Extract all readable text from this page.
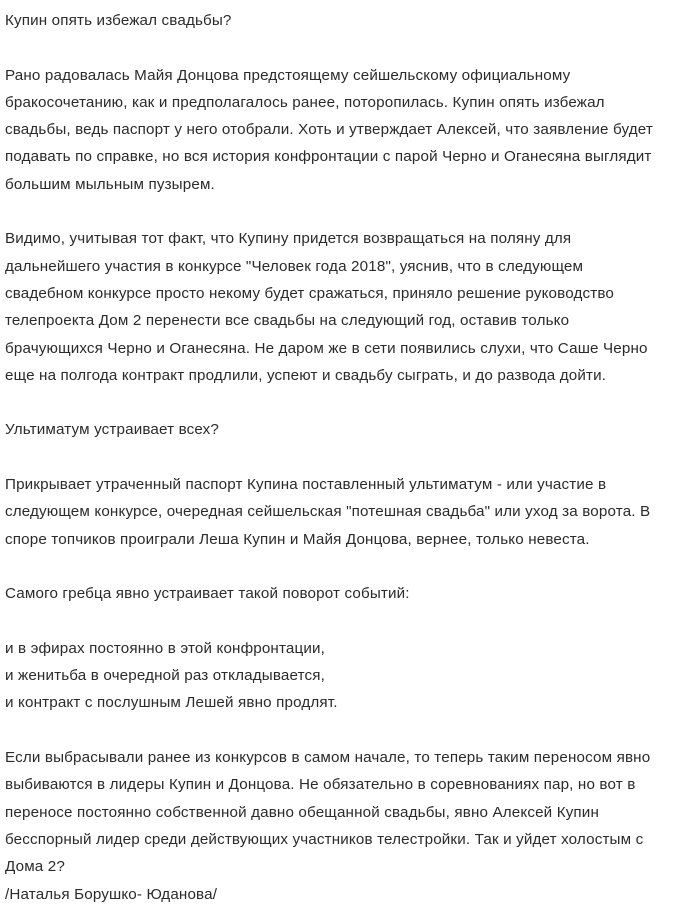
Купин опять избежал свадьбы?

Рано радовалась Майя Донцова предстоящему сейшельскому официальному бракосочетанию, как и предполагалось ранее, поторопилась. Купин опять избежал свадьбы, ведь паспорт у него отобрали. Хоть и утверждает Алексей, что заявление будет подавать по справке, но вся история конфронтации с парой Черно и Оганесяна выглядит большим мыльным пузырем.

Видимо, учитывая тот факт, что Купину придется возвращаться на поляну для дальнейшего участия в конкурсе "Человек года 2018", уяснив, что в следующем свадебном конкурсе просто некому будет сражаться, приняло решение руководство телепроекта Дом 2 перенести все свадьбы на следующий год, оставив только брачующихся Черно и Оганесяна. Не даром же в сети появились слухи, что Саше Черно еще на полгода контракт продлили, успеют и свадьбу сыграть, и до развода дойти.

Ультиматум устраивает всех?

Прикрывает утраченный паспорт Купина поставленный ультиматум - или участие в следующем конкурсе, очередная сейшельская "потешная свадьба" или уход за ворота. В споре топчиков проиграли Леша Купин и Майя Донцова, вернее, только невеста.

Самого гребца явно устраивает такой поворот событий:

и в эфирах постоянно в этой конфронтации,
и женитьба в очередной раз откладывается,
и контракт с послушным Лешей явно продлят.

Если выбрасывали ранее из конкурсов в самом начале, то теперь таким переносом явно выбиваются в лидеры Купин и Донцова. Не обязательно в соревнованиях пар, но вот в переносе постоянно собственной давно обещанной свадьбы, явно Алексей Купин бесспорный лидер среди действующих участников телестройки. Так и уйдет холостым с Дома 2?

/Наталья Борушко- Юданова/
